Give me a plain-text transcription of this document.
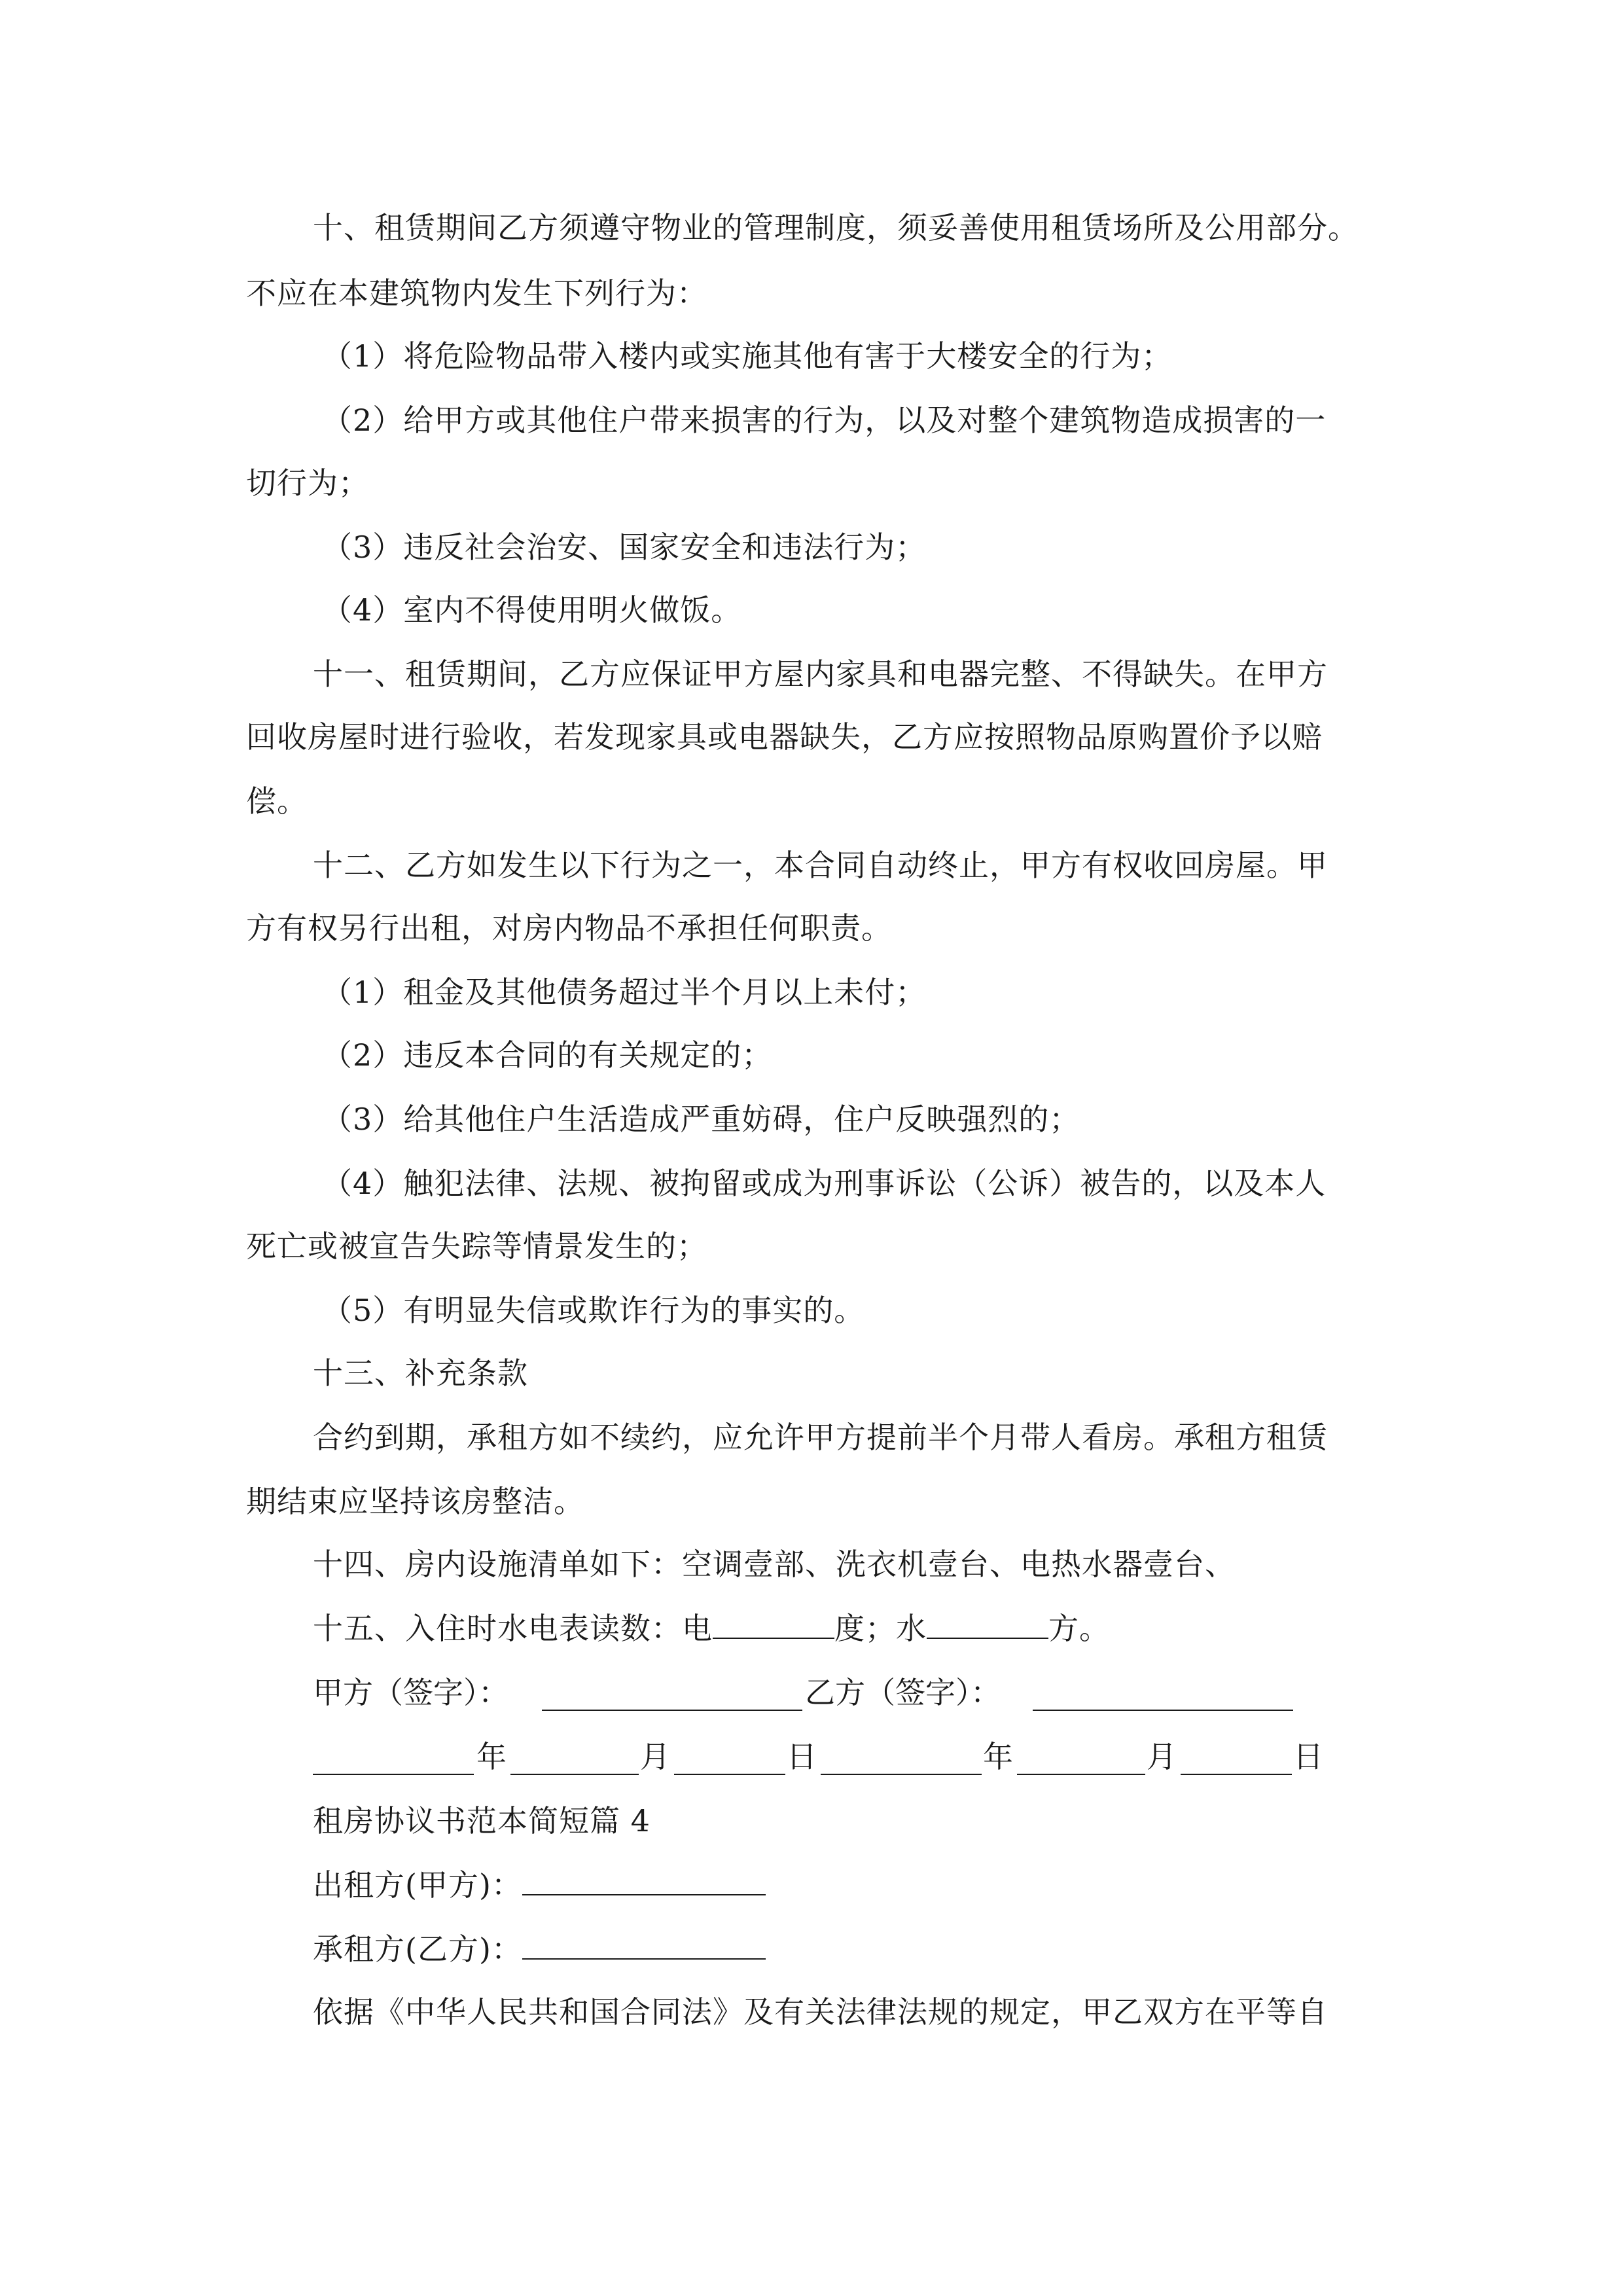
十、租赁期间乙方须遵守物业的管理制度，须妥善使用租赁场所及公用部分。
不应在本建筑物内发生下列行为：
（1）将危险物品带入楼内或实施其他有害于大楼安全的行为；
（2）给甲方或其他住户带来损害的行为，以及对整个建筑物造成损害的一
切行为；
（3）违反社会治安、国家安全和违法行为；
（4）室内不得使用明火做饭。
十一、租赁期间，乙方应保证甲方屋内家具和电器完整、不得缺失。在甲方
回收房屋时进行验收，若发现家具或电器缺失，乙方应按照物品原购置价予以赔
偿。
十二、乙方如发生以下行为之一，本合同自动终止，甲方有权收回房屋。甲
方有权另行出租，对房内物品不承担任何职责。
（1）租金及其他债务超过半个月以上未付；
（2）违反本合同的有关规定的；
（3）给其他住户生活造成严重妨碍，住户反映强烈的；
（4）触犯法律、法规、被拘留或成为刑事诉讼（公诉）被告的，以及本人
死亡或被宣告失踪等情景发生的；
（5）有明显失信或欺诈行为的事实的。
十三、补充条款
合约到期，承租方如不续约，应允许甲方提前半个月带人看房。承租方租赁
期结束应坚持该房整洁。
十四、房内设施清单如下：空调壹部、洗衣机壹台、电热水器壹台、
十五、入住时水电表读数：电	度；水	方。
甲方（签字）：	乙方（签字）：
年	月	日	年	月	日
租房协议书范本简短篇 4
出租方(甲方)：
承租方(乙方)：
依据《中华人民共和国合同法》及有关法律法规的规定，甲乙双方在平等自
